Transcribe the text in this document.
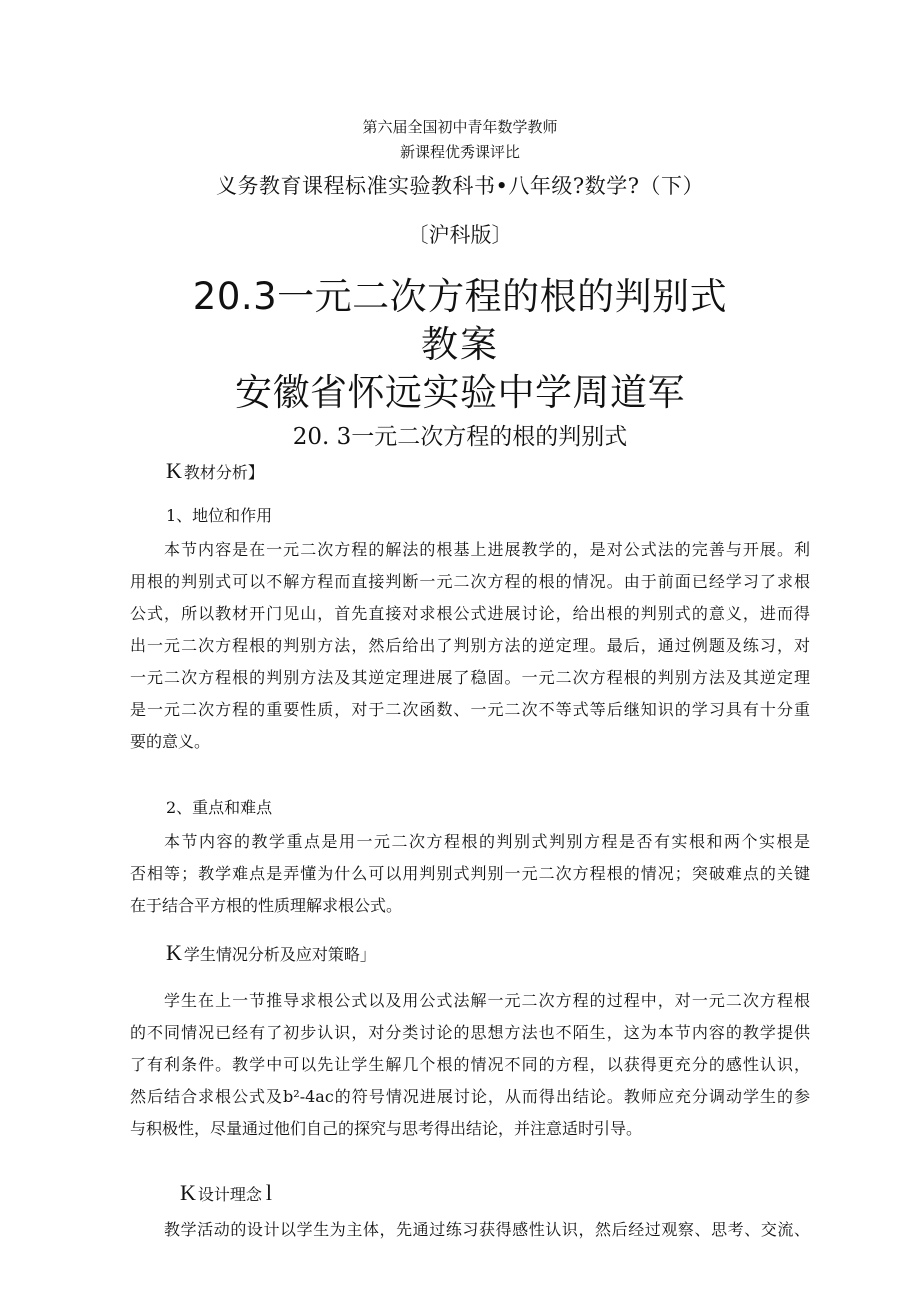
第六届全国初中青年数学教师
新课程优秀课评比
义务教育课程标准实验教科书•八年级?数学?（下）
〔沪科版〕
20.3一元二次方程的根的判别式
教案
安徽省怀远实验中学周道军
20. 3一元二次方程的根的判别式
K 教材分析】
1、地位和作用
本节内容是在一元二次方程的解法的根基上进展教学的，是对公式法的完善与开展。利
用根的判别式可以不解方程而直接判断一元二次方程的根的情况。由于前面已经学习了求根
公式，所以教材开门见山，首先直接对求根公式进展讨论，给出根的判别式的意义，进而得
出一元二次方程根的判别方法，然后给出了判别方法的逆定理。最后，通过例题及练习，对
一元二次方程根的判别方法及其逆定理进展了稳固。一元二次方程根的判别方法及其逆定理
是一元二次方程的重要性质，对于二次函数、一元二次不等式等后继知识的学习具有十分重
要的意义。
2、重点和难点
本节内容的教学重点是用一元二次方程根的判别式判别方程是否有实根和两个实根是
否相等；教学难点是弄懂为什么可以用判别式判别一元二次方程根的情况；突破难点的关键
在于结合平方根的性质理解求根公式。
K 学生情况分析及应对策略」
学生在上一节推导求根公式以及用公式法解一元二次方程的过程中，对一元二次方程根
的不同情况已经有了初步认识，对分类讨论的思想方法也不陌生，这为本节内容的教学提供
了有利条件。教学中可以先让学生解几个根的情况不同的方程，以获得更充分的感性认识，
然后结合求根公式及b²-4ac的符号情况进展讨论，从而得出结论。教师应充分调动学生的参
与积极性，尽量通过他们自己的探究与思考得出结论，并注意适时引导。
K 设计理念 l
教学活动的设计以学生为主体，先通过练习获得感性认识，然后经过观察、思考、交流、
